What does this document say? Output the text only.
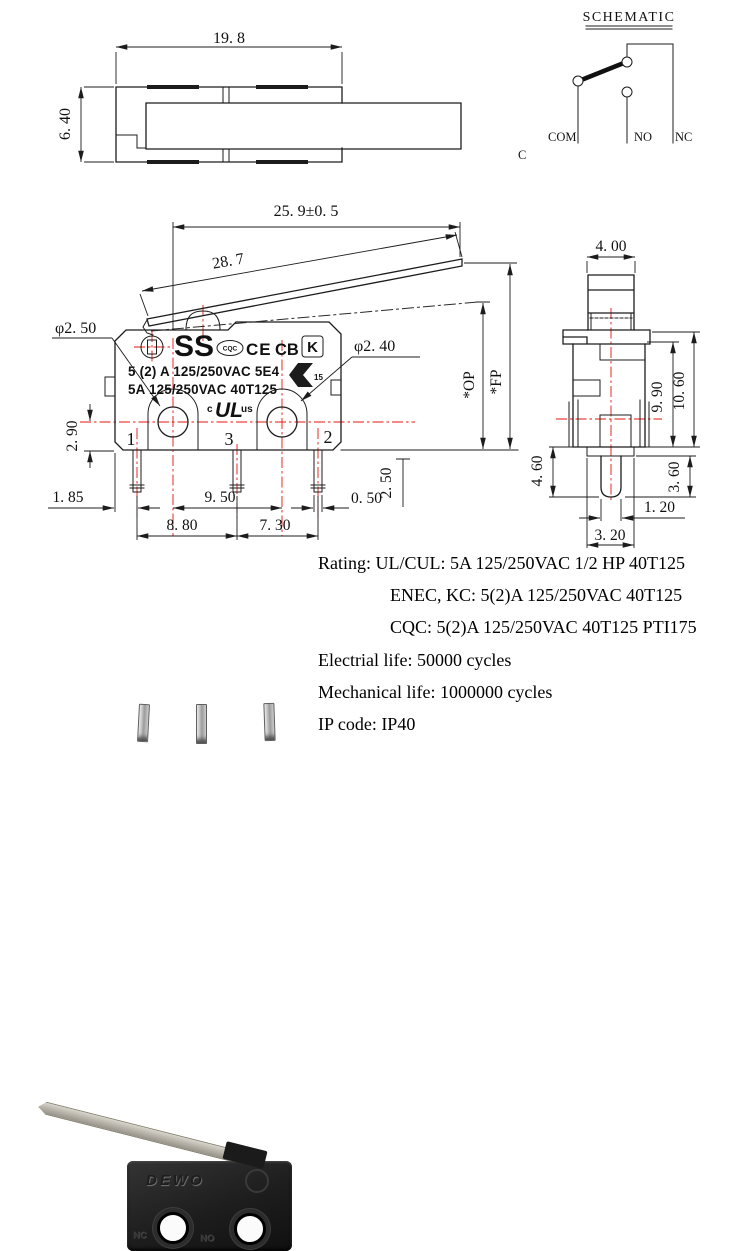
19. 8
6. 40
SCHEMATIC
COM	NO NC
C
25. 9±0. 5
28. 7
φ2. 50
φ2. 40
2. 90
1. 85	9. 50	0. 50
2. 50
8. 80	7. 30
*OP *FP
1	3	2
SS CQC CE CB K
15
5 (2) A 125/250VAC 5E4
5A 125/250VAC 40T125
c UL
us
4. 00
9. 90 10. 60
4. 60	3. 60
1. 20
3. 20
DEWO
NC	NO
Rating: UL/CUL: 5A 125/250VAC 1/2 HP 40T125
ENEC, KC: 5(2)A 125/250VAC 40T125
CQC: 5(2)A 125/250VAC 40T125 PTI175
Electrial life: 50000 cycles
Mechanical life: 1000000 cycles
IP code: IP40
